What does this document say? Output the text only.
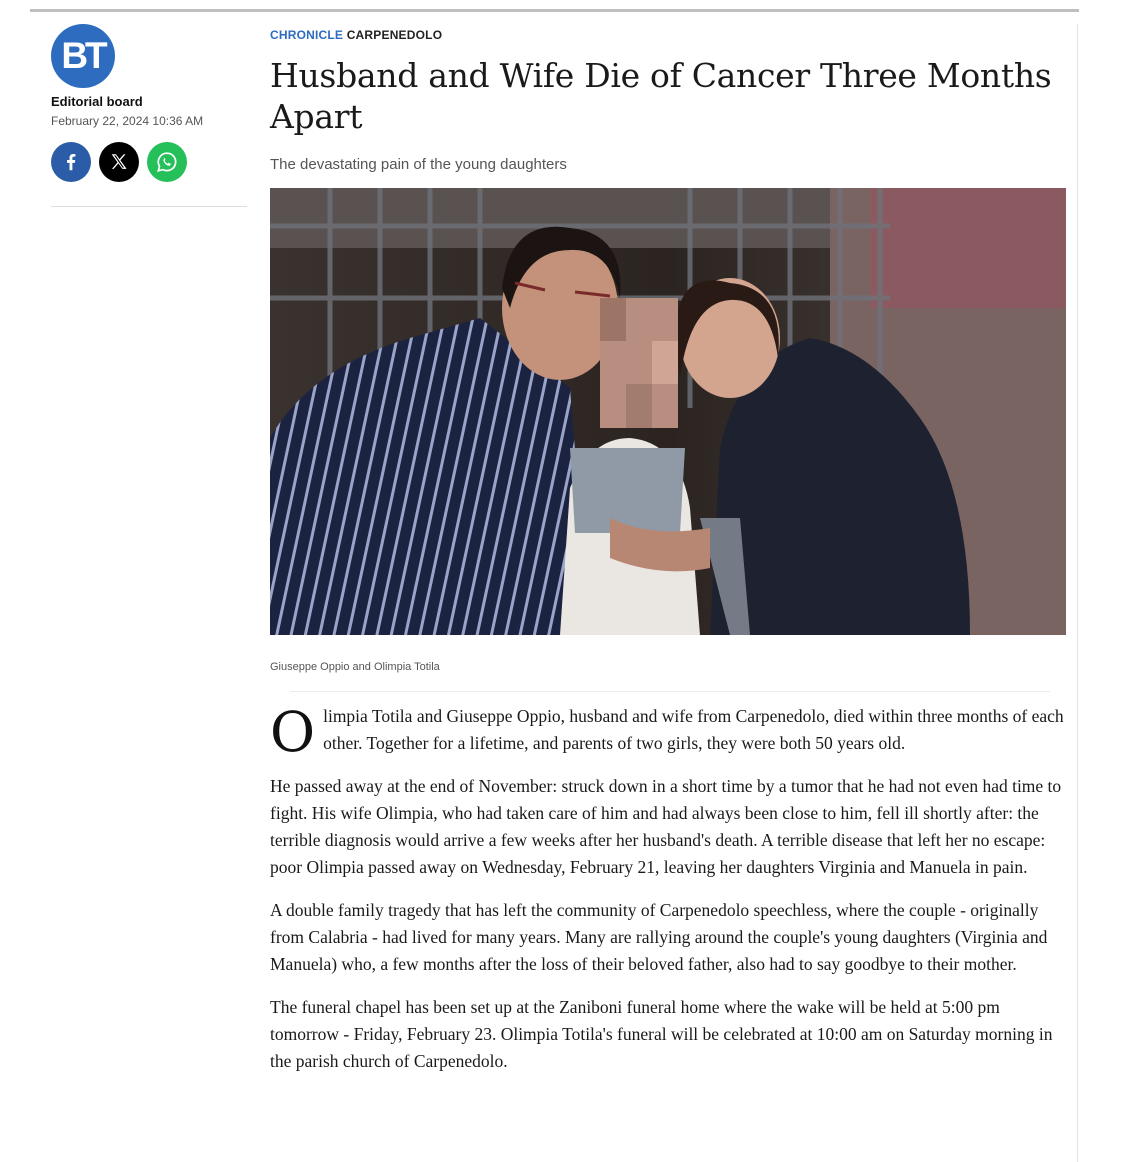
BT
Editorial board
February 22, 2024 10:36 AM
CHRONICLE CARPENEDOLO
Husband and Wife Die of Cancer Three Months Apart
The devastating pain of the young daughters
Giuseppe Oppio and Olimpia Totila

Olimpia Totila and Giuseppe Oppio, husband and wife from Carpenedolo, died within three months of each other. Together for a lifetime, and parents of two girls, they were both 50 years old.

He passed away at the end of November: struck down in a short time by a tumor that he had not even had time to fight. His wife Olimpia, who had taken care of him and had always been close to him, fell ill shortly after: the terrible diagnosis would arrive a few weeks after her husband's death. A terrible disease that left her no escape: poor Olimpia passed away on Wednesday, February 21, leaving her daughters Virginia and Manuela in pain.

A double family tragedy that has left the community of Carpenedolo speechless, where the couple - originally from Calabria - had lived for many years. Many are rallying around the couple's young daughters (Virginia and Manuela) who, a few months after the loss of their beloved father, also had to say goodbye to their mother.

The funeral chapel has been set up at the Zaniboni funeral home where the wake will be held at 5:00 pm tomorrow - Friday, February 23. Olimpia Totila's funeral will be celebrated at 10:00 am on Saturday morning in the parish church of Carpenedolo.
